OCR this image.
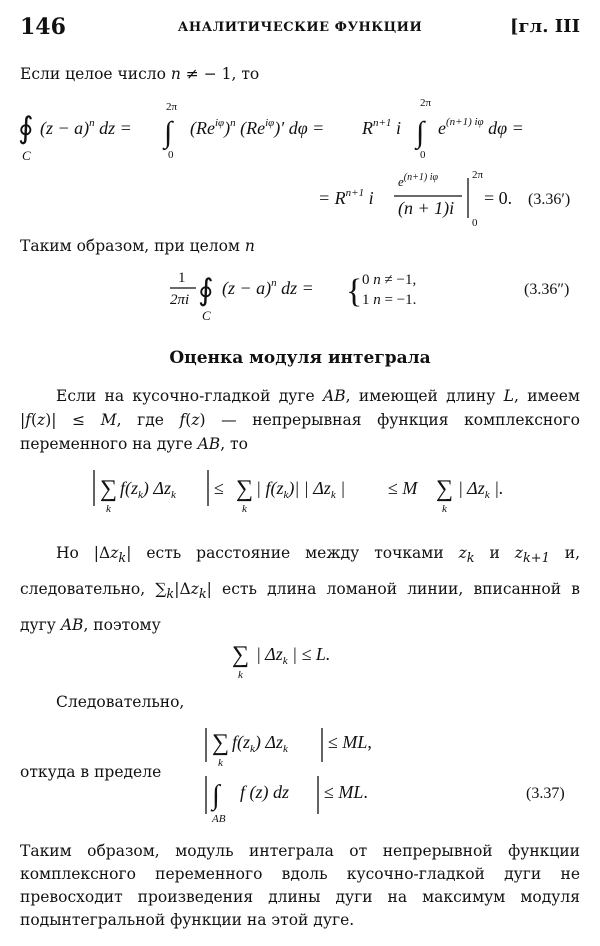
146	АНАЛИТИЧЕСКИЕ ФУНКЦИИ	[гл. III
Если целое число n ≠ − 1, то
∮
C
$(z - a)^n$ dz =
2π
∫
0
$(Re^{i\varphi})^n$ $(Re^{i\varphi})'$ $d\varphi = R^{n+1}$ i
2π
∫
0
$e^{(n+1) i\varphi}$ dφ =
= $R^{n+1}$ i
$e^{(n+1) i\varphi}$
(n + 1)i
2π
0
= 0. (3.36′)
Таким образом, при целом n
1
2πi ∮
C
$(z - a)^n$ dz = { 0 n ≠ −1,
1 n = −1.
(3.36″)
Оценка модуля интеграла
Если на кусочно-гладкой дуге AB, имеющей длину L, имеем |f(z)| ≤ M, где f(z) — непрерывная функция комплексного переменного на дуге AB, то
∑
k
$f(z_k) \Delta z_k$ ≤ ∑
k
| $f(z_k)|$ | $\Delta z_k$ | ≤ M ∑
k
| $\Delta z_k$ |.
Но $|\Delta z_k|$ есть расстояние между точками $z_k$ и $z_{k+1}$ и, следовательно, $\sum_k|\Delta z_k|$ есть длина ломаной линии, вписанной в дугу AB, поэтому
∑
k
| $\Delta z_k$ | ≤ L.
Следовательно,
откуда в пределе
∑
k
$f(z_k) \Delta z_k$ ≤ ML,
∫
AB
f (z) dz ≤ ML.	(3.37)
Таким образом, модуль интеграла от непрерывной функции комплексного переменного вдоль кусочно-гладкой дуги не превосходит произведения длины дуги на максимум модуля подынтегральной функции на этой дуге.
